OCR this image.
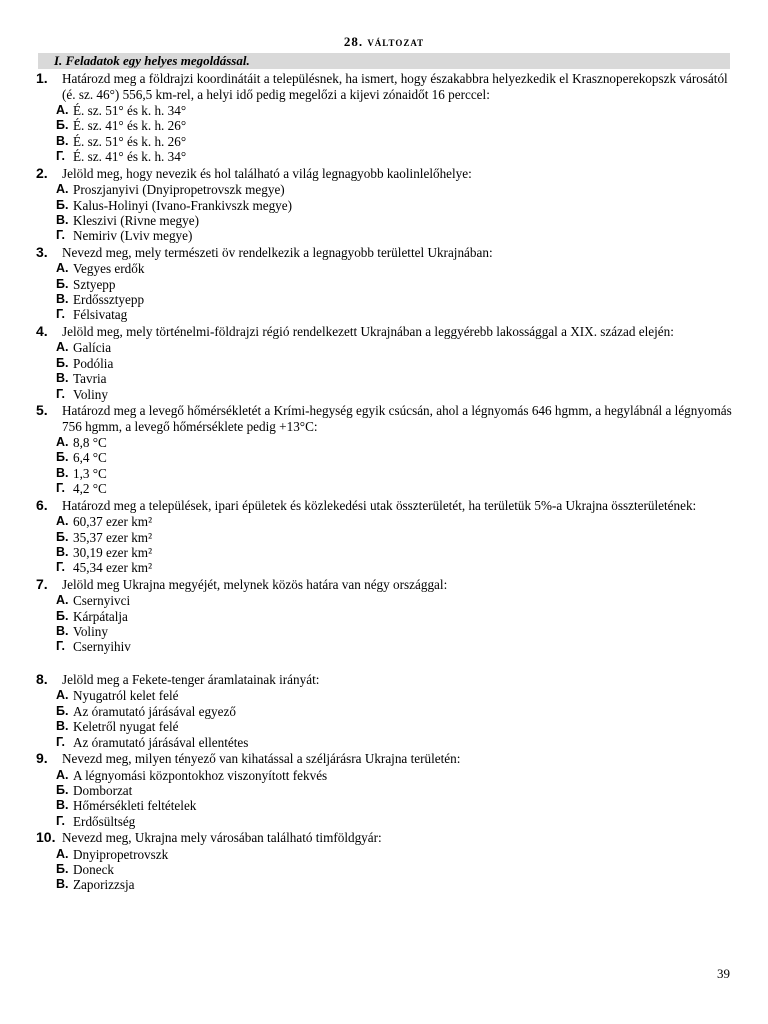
28. változat
I. Feladatok egy helyes megoldással.
1. Határozd meg a földrajzi koordinátáit a településnek, ha ismert, hogy északabbra helyezkedik el Krasznoperekopszk városától (é. sz. 46°) 556,5 km-rel, a helyi idő pedig megelőzi a kijevi zónaidőt 16 perccel:
A. É. sz. 51° és k. h. 34°
Б. É. sz. 41° és k. h. 26°
В. É. sz. 51° és k. h. 26°
Г. É. sz. 41° és k. h. 34°
2. Jelöld meg, hogy nevezik és hol található a világ legnagyobb kaolinlelőhelye:
A. Proszjanyivi (Dnyipropetrovszk megye)
Б. Kalus-Holinyi (Ivano-Frankivszk megye)
В. Kleszivi (Rivne megye)
Г. Nemiriv (Lviv megye)
3. Nevezd meg, mely természeti öv rendelkezik a legnagyobb területtel Ukrajnában:
A. Vegyes erdők
Б. Sztyepp
В. Erdőssztyepp
Г. Félsivatag
4. Jelöld meg, mely történelmi-földrajzi régió rendelkezett Ukrajnában a leggyérebb lakossággal a XIX. század elején:
A. Galícia
Б. Podólia
В. Tavria
Г. Voliny
5. Határozd meg a levegő hőmérsékletét a Krími-hegység egyik csúcsán, ahol a légnyomás 646 hgmm, a hegylábnál a légnyomás 756 hgmm, a levegő hőmérséklete pedig +13°C:
A. 8,8 °C
Б. 6,4 °C
В. 1,3 °C
Г. 4,2 °C
6. Határozd meg a települések, ipari épületek és közlekedési utak összterületét, ha területük 5%-a Ukrajna összterületének:
A. 60,37 ezer km²
Б. 35,37 ezer km²
В. 30,19 ezer km²
Г. 45,34 ezer km²
7. Jelöld meg Ukrajna megyéjét, melynek közös határa van négy országgal:
A. Csernyivci
Б. Kárpátalja
В. Voliny
Г. Csernyihiv
8. Jelöld meg a Fekete-tenger áramlatainak irányát:
A. Nyugatról kelet felé
Б. Az óramutató járásával egyező
В. Keletről nyugat felé
Г. Az óramutató járásával ellentétes
9. Nevezd meg, milyen tényező van kihatással a széljárásra Ukrajna területén:
A. A légnyomási központokhoz viszonyított fekvés
Б. Domborzat
В. Hőmérsékleti feltételek
Г. Erdősültség
10. Nevezd meg, Ukrajna mely városában található timföldgyár:
A. Dnyipropetrovszk
Б. Doneck
В. Zaporizzsja
39
